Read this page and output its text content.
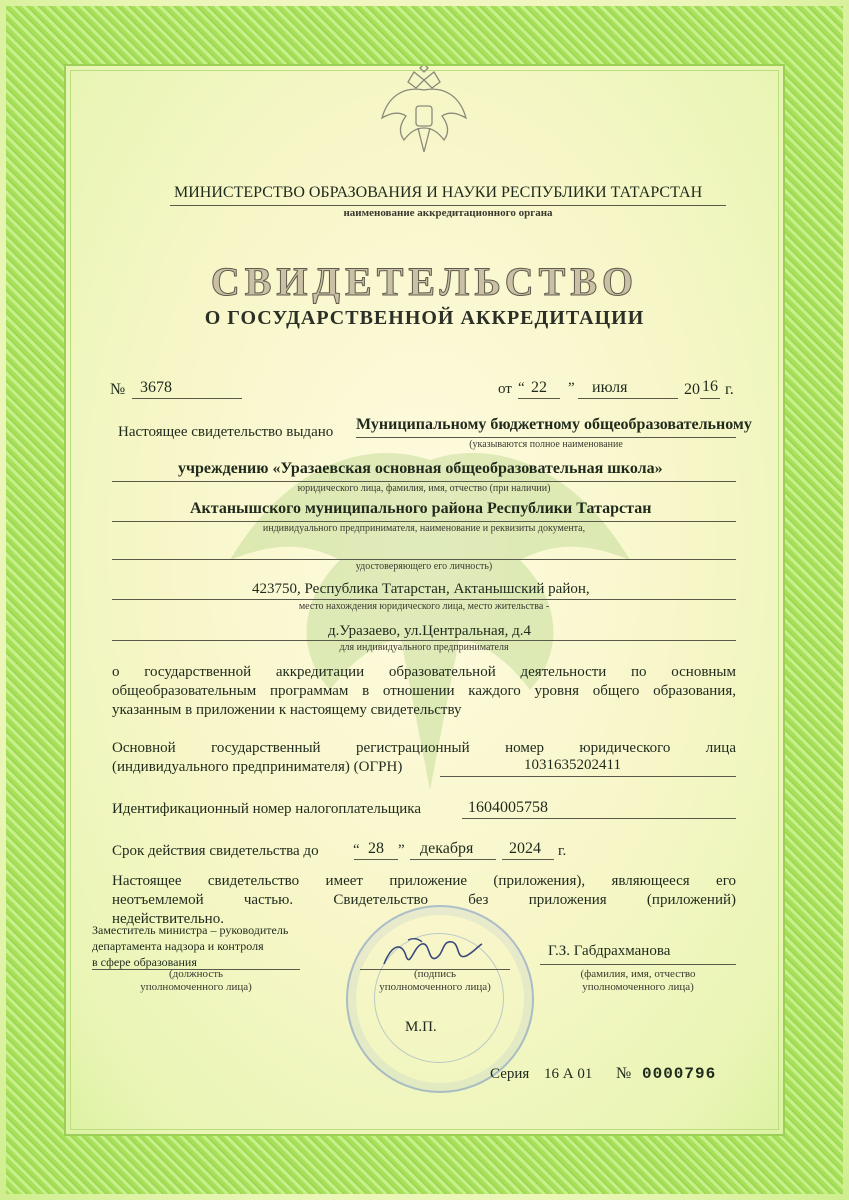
МИНИСТЕРСТВО ОБРАЗОВАНИЯ И НАУКИ РЕСПУБЛИКИ ТАТАРСТАН
наименование аккредитационного органа
СВИДЕТЕЛЬСТВО
О ГОСУДАРСТВЕННОЙ АККРЕДИТАЦИИ
№ 3678	от “ 22 ” июля	20 16 г.
Настоящее свидетельство выдано Муниципальному бюджетному общеобразовательному
(указываются полное наименование
учреждению «Уразаевская основная общеобразовательная школа»
юридического лица, фамилия, имя, отчество (при наличии)
Актанышского муниципального района Республики Татарстан
индивидуального предпринимателя, наименование и реквизиты документа,
удостоверяющего его личность)
423750, Республика Татарстан, Актанышский район,
место нахождения юридического лица, место жительства -
д.Уразаево, ул.Центральная, д.4
для индивидуального предпринимателя
о государственной аккредитации образовательной деятельности по основным
общеобразовательным программам в отношении каждого уровня общего образования,
указанным в приложении к настоящему свидетельству
Основной государственный регистрационный номер юридического лица
(индивидуального предпринимателя) (ОГРН)	1031635202411
Идентификационный номер налогоплательщика	1604005758
Срок действия свидетельства до “ 28 ” декабря 2024 г.
Настоящее свидетельство имеет приложение (приложения), являющееся его
неотъемлемой частью. Свидетельство без приложения (приложений)
недействительно.
Заместитель министра – руководитель
департамента надзора и контроля
в сфере образования
(должность
уполномоченного лица)
(подпись
уполномоченного лица)
Г.З. Габдрахманова
(фамилия, имя, отчество
уполномоченного лица)
М.П.
Серия 16 А 01 № 0000796
